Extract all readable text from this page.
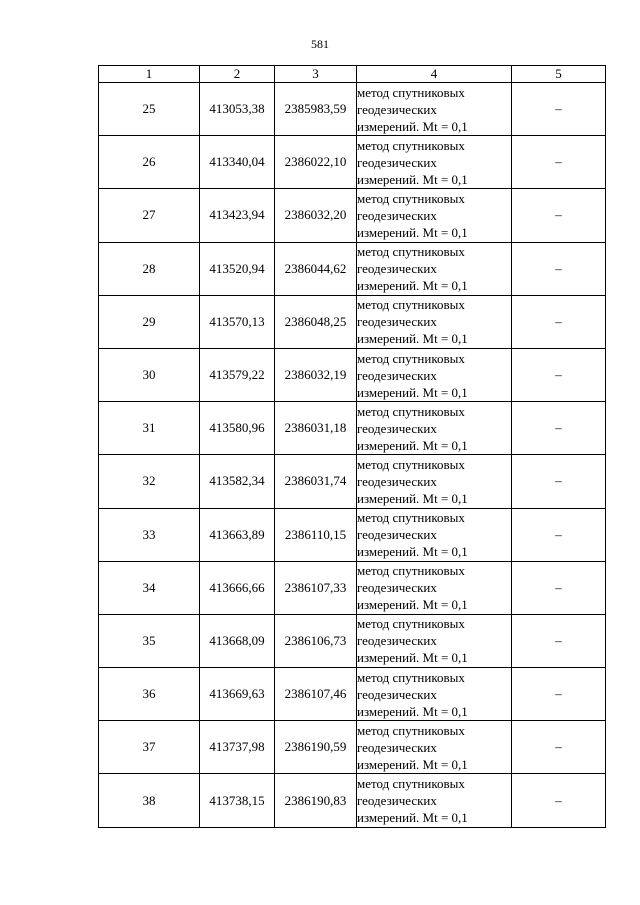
581
1	2	3	4	5
25	413053,38	2385983,59	метод спутниковых
геодезических
измерений. Mt = 0,1	–
26	413340,04	2386022,10	метод спутниковых
геодезических
измерений. Mt = 0,1	–
27	413423,94	2386032,20	метод спутниковых
геодезических
измерений. Mt = 0,1	–
28	413520,94	2386044,62	метод спутниковых
геодезических
измерений. Mt = 0,1	–
29	413570,13	2386048,25	метод спутниковых
геодезических
измерений. Mt = 0,1	–
30	413579,22	2386032,19	метод спутниковых
геодезических
измерений. Mt = 0,1	–
31	413580,96	2386031,18	метод спутниковых
геодезических
измерений. Mt = 0,1	–
32	413582,34	2386031,74	метод спутниковых
геодезических
измерений. Mt = 0,1	–
33	413663,89	2386110,15	метод спутниковых
геодезических
измерений. Mt = 0,1	–
34	413666,66	2386107,33	метод спутниковых
геодезических
измерений. Mt = 0,1	–
35	413668,09	2386106,73	метод спутниковых
геодезических
измерений. Mt = 0,1	–
36	413669,63	2386107,46	метод спутниковых
геодезических
измерений. Mt = 0,1	–
37	413737,98	2386190,59	метод спутниковых
геодезических
измерений. Mt = 0,1	–
38	413738,15	2386190,83	метод спутниковых
геодезических
измерений. Mt = 0,1	–
